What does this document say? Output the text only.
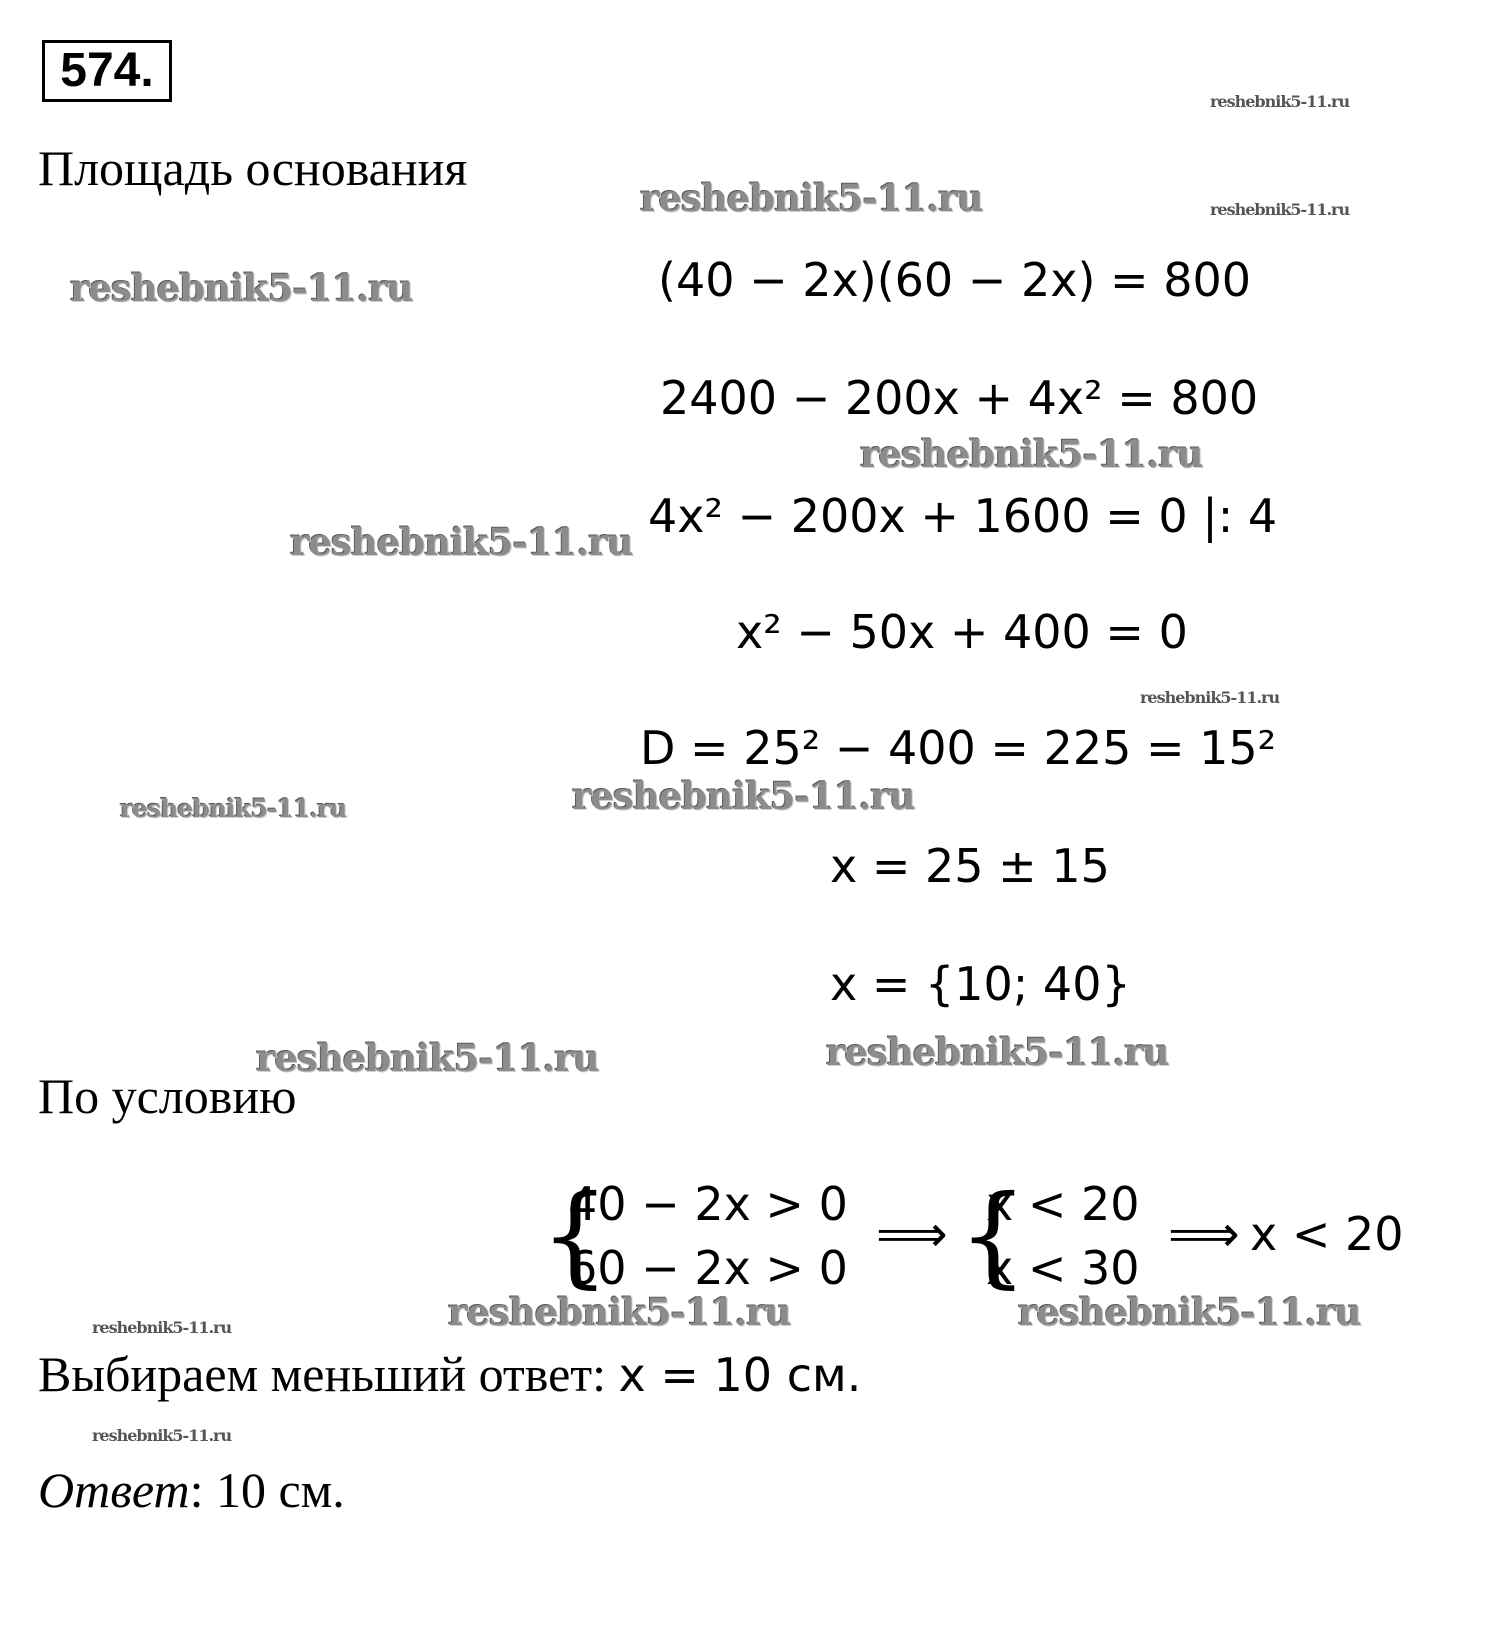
574.
Площадь основания
(40 − 2x)(60 − 2x) = 800
2400 − 200x + 4x² = 800
4x² − 200x + 1600 = 0 |: 4
x² − 50x + 400 = 0
D = 25² − 400 = 225 = 15²
x = 25 ± 15
x = {10; 40}
По условию
{
40 − 2x > 0
60 − 2x > 0
⟹ {
x < 20
x < 30
⟹ x < 20
Выбираем меньший ответ: x = 10 см.
Ответ: 10 см.
reshebnik5-11.ru
reshebnik5-11.ru	reshebnik5-11.ru
reshebnik5-11.ru
reshebnik5-11.ru
reshebnik5-11.ru
reshebnik5-11.ru
reshebnik5-11.ru	reshebnik5-11.ru
reshebnik5-11.ru	reshebnik5-11.ru
reshebnik5-11.ru	reshebnik5-11.ru	reshebnik5-11.ru
reshebnik5-11.ru
